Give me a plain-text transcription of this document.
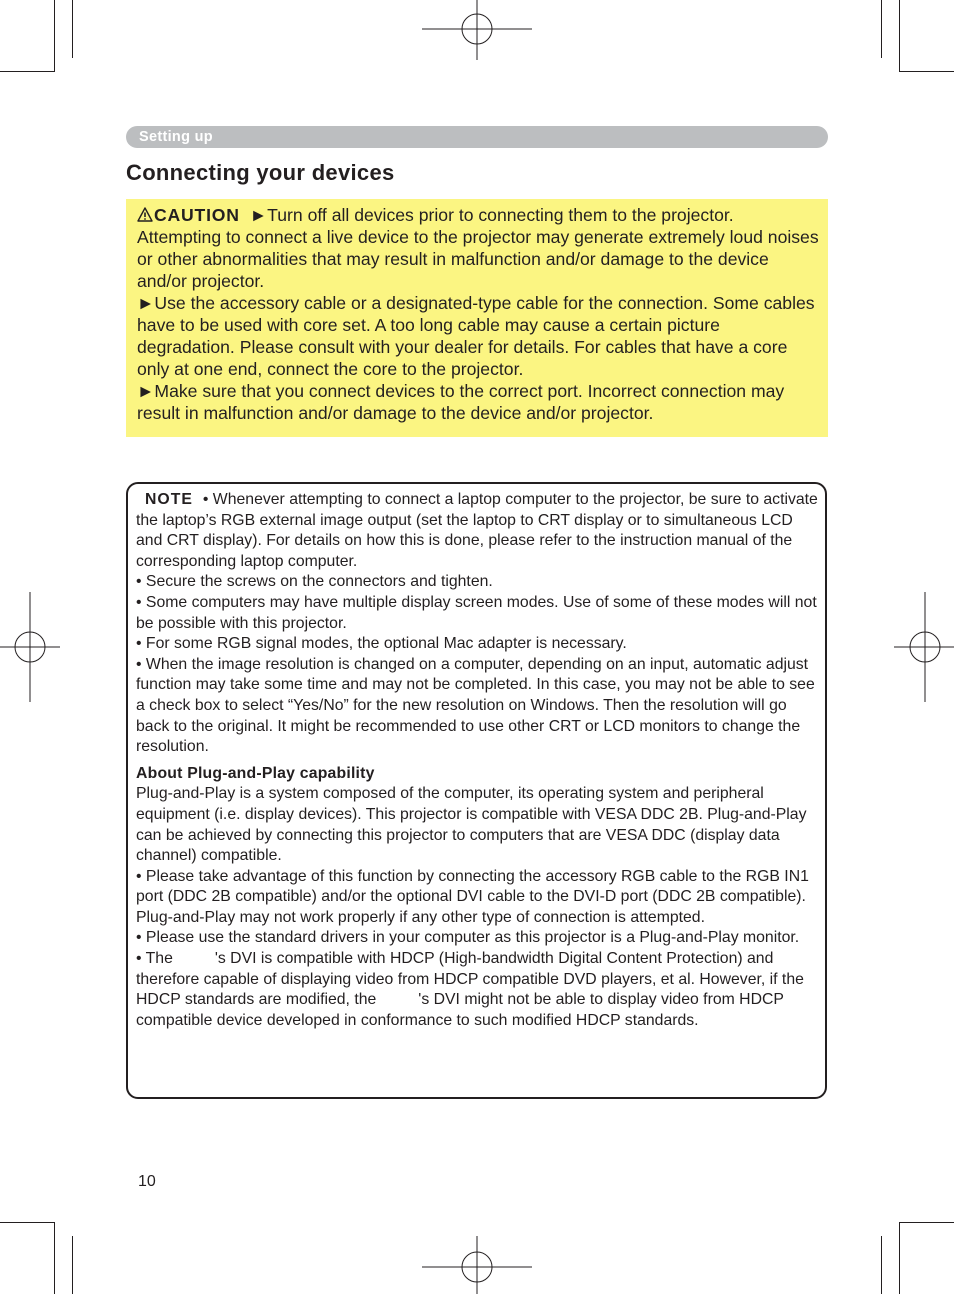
Setting up
Connecting your devices

CAUTION ►Turn off all devices prior to connecting them to the projector. Attempting to connect a live device to the projector may generate extremely loud noises or other abnormalities that may result in malfunction and/or damage to the device and/or projector.

►Use the accessory cable or a designated-type cable for the connection. Some cables have to be used with core set. A too long cable may cause a certain picture degradation. Please consult with your dealer for details. For cables that have a core only at one end, connect the core to the projector.

►Make sure that you connect devices to the correct port. Incorrect connection may result in malfunction and/or damage to the device and/or projector.

NOTE • Whenever attempting to connect a laptop computer to the projector, be sure to activate the laptop’s RGB external image output (set the laptop to CRT display or to simultaneous LCD and CRT display). For details on how this is done, please refer to the instruction manual of the corresponding laptop computer.

• Secure the screws on the connectors and tighten.

• Some computers may have multiple display screen modes. Use of some of these modes will not be possible with this projector.

• For some RGB signal modes, the optional Mac adapter is necessary.

• When the image resolution is changed on a computer, depending on an input, automatic adjust function may take some time and may not be completed. In this case, you may not be able to see a check box to select “Yes/No” for the new resolution on Windows. Then the resolution will go back to the original. It might be recommended to use other CRT or LCD monitors to change the resolution.

About Plug-and-Play capability

Plug-and-Play is a system composed of the computer, its operating system and peripheral equipment (i.e. display devices). This projector is compatible with VESA DDC 2B. Plug-and-Play can be achieved by connecting this projector to computers that are VESA DDC (display data channel) compatible.

• Please take advantage of this function by connecting the accessory RGB cable to the RGB IN1 port (DDC 2B compatible) and/or the optional DVI cable to the DVI-D port (DDC 2B compatible). Plug-and-Play may not work properly if any other type of connection is attempted.

• Please use the standard drivers in your computer as this projector is a Plug-and-Play monitor.

• The	's DVI is compatible with HDCP (High-bandwidth Digital Content Protection) and therefore capable of displaying video from HDCP compatible DVD players, et al. However, if the HDCP standards are modified, the	's DVI might not be able to display video from HDCP compatible device developed in conformance to such modified HDCP standards.

10
